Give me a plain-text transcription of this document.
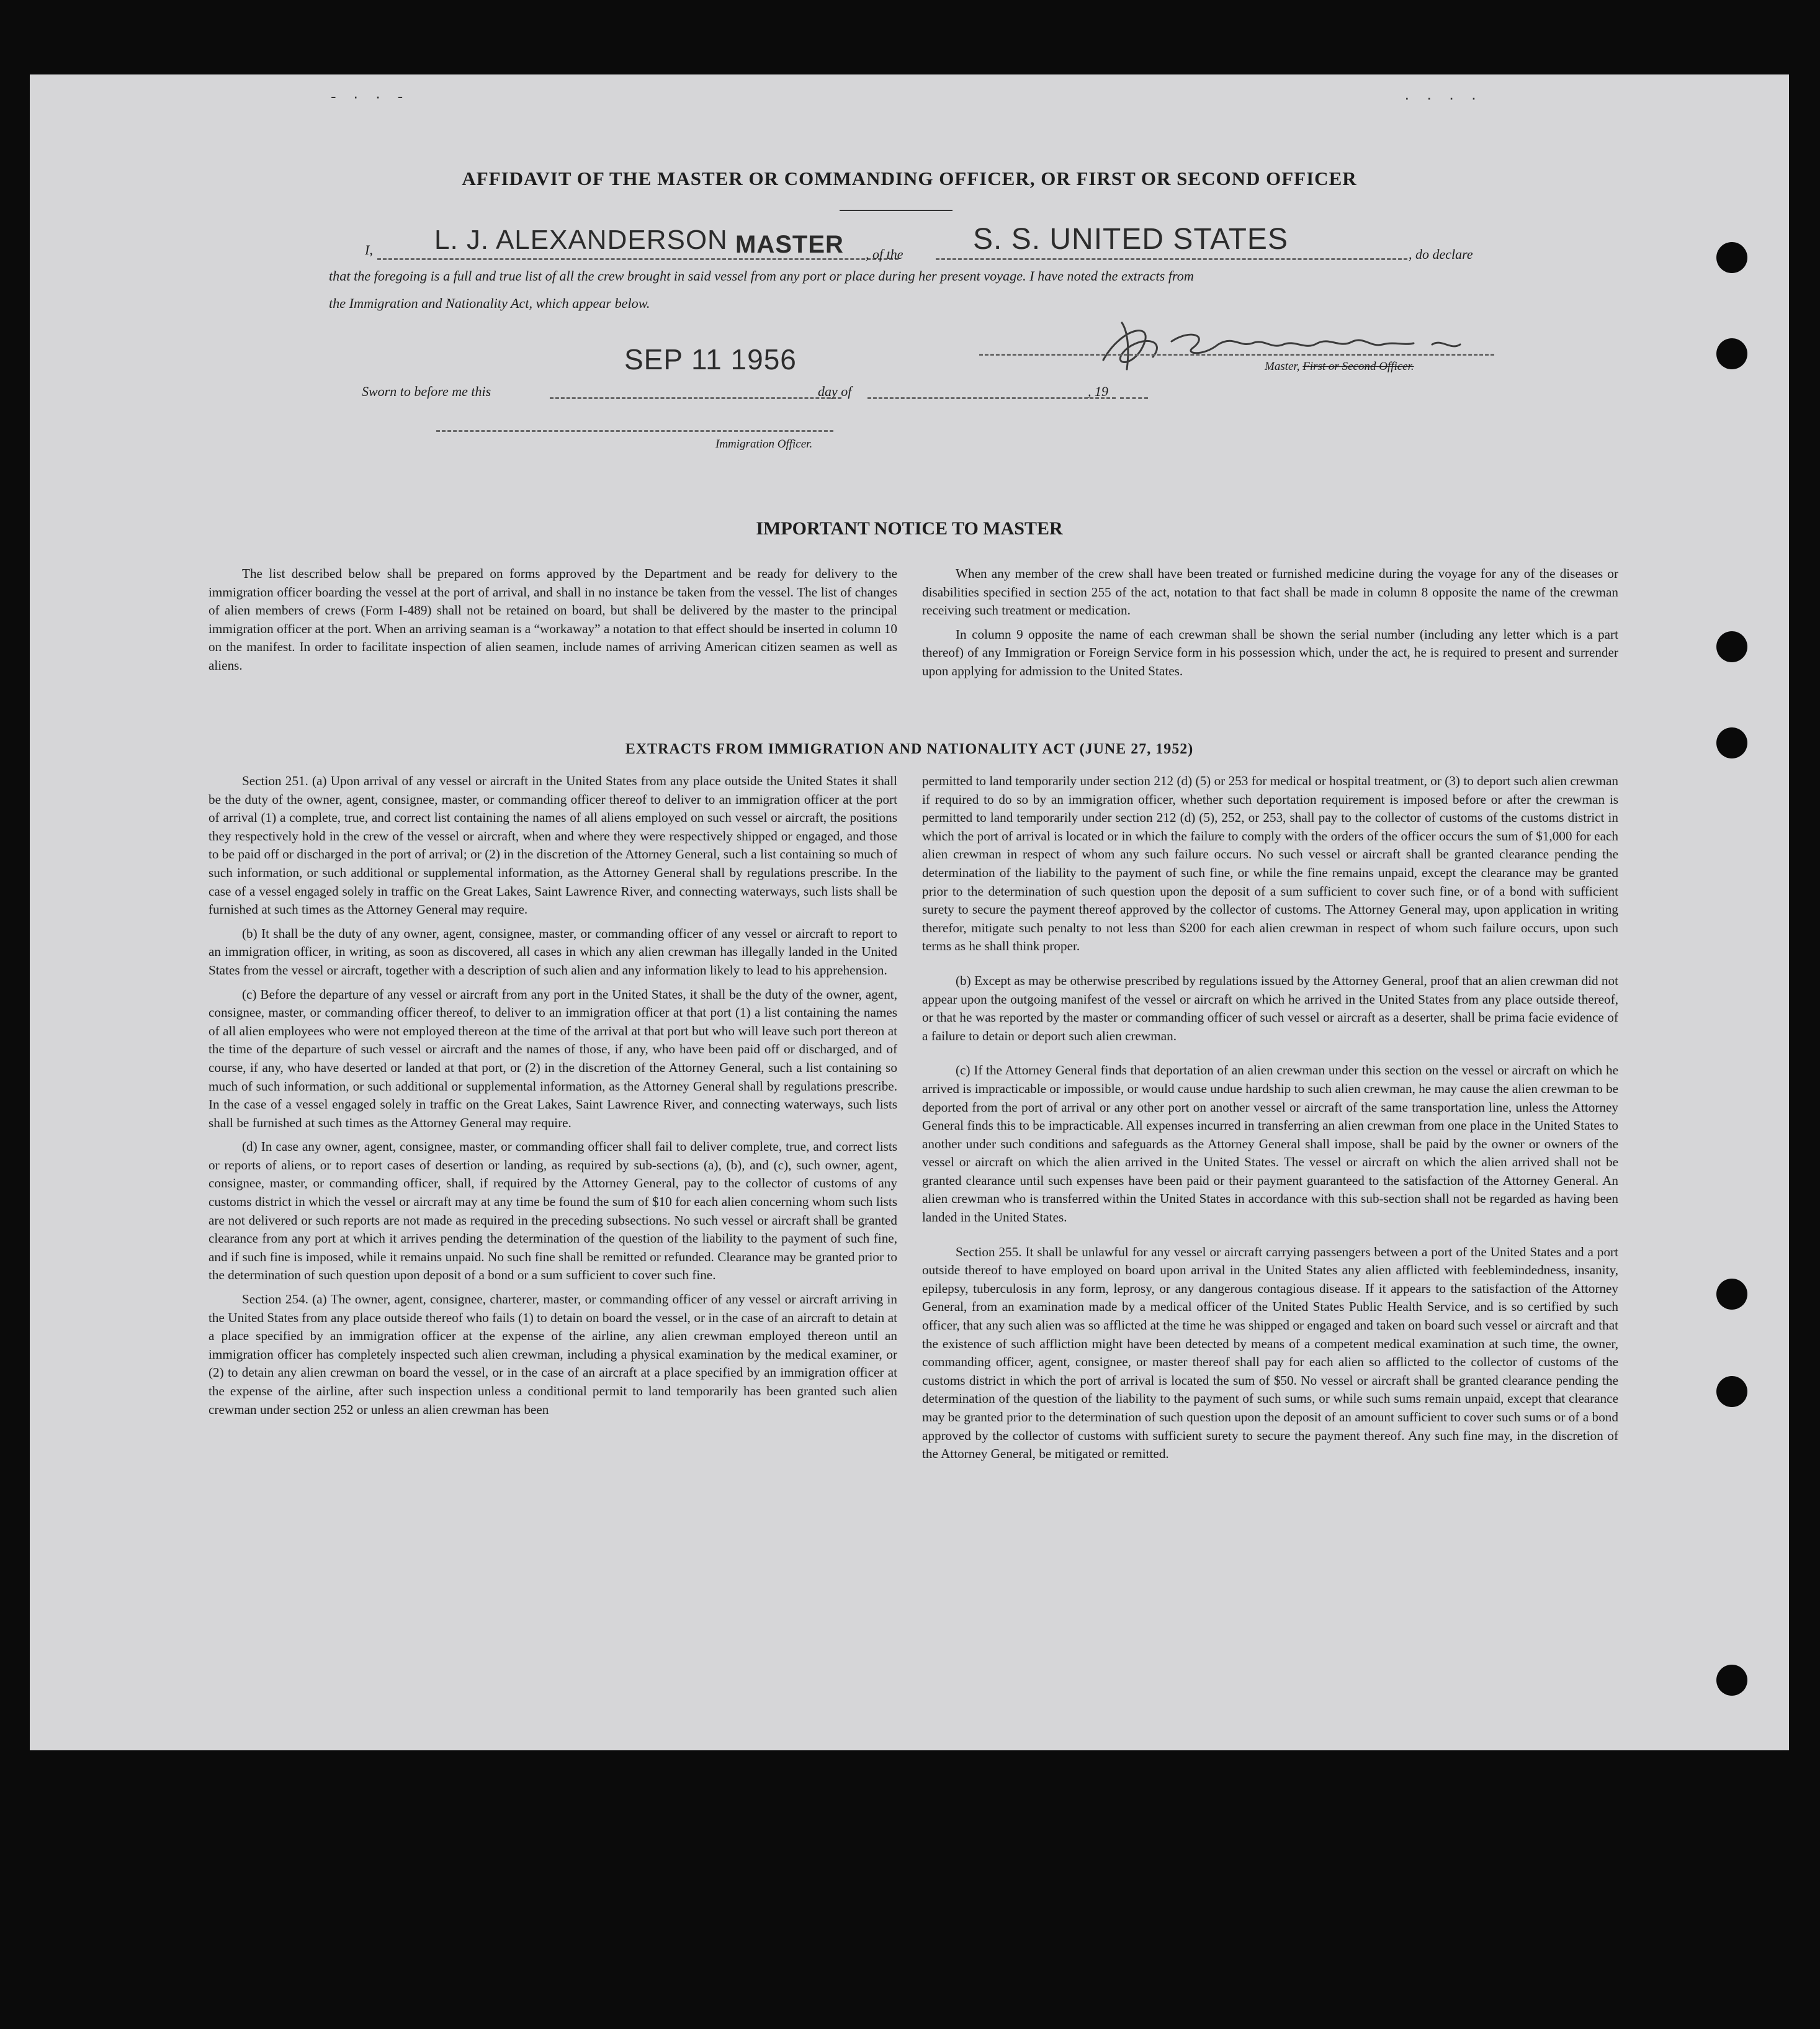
- · · -	· · · ·
AFFIDAVIT OF THE MASTER OR COMMANDING OFFICER, OR FIRST OR SECOND OFFICER
I, L. J. ALEXANDERSON MASTER , of the S. S. UNITED STATES	, do declare
that the foregoing is a full and true list of all the crew brought in said vessel from any port or place during her present voyage. I have noted the extracts from
the Immigration and Nationality Act, which appear below.
SEP 11 1956	Master, First or Second Officer.
Sworn to before me this	day of	, 19
Immigration Officer.
IMPORTANT NOTICE TO MASTER

The list described below shall be prepared on forms approved by the Department and be ready for delivery to the immigration officer boarding the vessel at the port of arrival, and shall in no instance be taken from the vessel. The list of changes of alien members of crews (Form I-489) shall not be retained on board, but shall be delivered by the master to the principal immigration officer at the port. When an arriving seaman is a “workaway” a notation to that effect should be inserted in column 10 on the manifest. In order to facilitate inspection of alien seamen, include names of arriving American citizen seamen as well as aliens.

When any member of the crew shall have been treated or furnished medicine during the voyage for any of the diseases or disabilities specified in section 255 of the act, notation to that fact shall be made in column 8 opposite the name of the crewman receiving such treatment or medication.

In column 9 opposite the name of each crewman shall be shown the serial number (including any letter which is a part thereof) of any Immigration or Foreign Service form in his possession which, under the act, he is required to present and surrender upon applying for admission to the United States.

EXTRACTS FROM IMMIGRATION AND NATIONALITY ACT (JUNE 27, 1952)

Section 251. (a) Upon arrival of any vessel or aircraft in the United States from any place outside the United States it shall be the duty of the owner, agent, consignee, master, or commanding officer thereof to deliver to an immigration officer at the port of arrival (1) a complete, true, and correct list containing the names of all aliens employed on such vessel or aircraft, the positions they respectively hold in the crew of the vessel or aircraft, when and where they were respectively shipped or engaged, and those to be paid off or discharged in the port of arrival; or (2) in the discretion of the Attorney General, such a list containing so much of such information, or such additional or supplemental information, as the Attorney General shall by regulations prescribe. In the case of a vessel engaged solely in traffic on the Great Lakes, Saint Lawrence River, and connecting waterways, such lists shall be furnished at such times as the Attorney General may require.

(b) It shall be the duty of any owner, agent, consignee, master, or commanding officer of any vessel or aircraft to report to an immigration officer, in writing, as soon as discovered, all cases in which any alien crewman has illegally landed in the United States from the vessel or aircraft, together with a description of such alien and any information likely to lead to his apprehension.

(c) Before the departure of any vessel or aircraft from any port in the United States, it shall be the duty of the owner, agent, consignee, master, or commanding officer thereof, to deliver to an immigration officer at that port (1) a list containing the names of all alien employees who were not employed thereon at the time of the arrival at that port but who will leave such port thereon at the time of the departure of such vessel or aircraft and the names of those, if any, who have been paid off or discharged, and of course, if any, who have deserted or landed at that port, or (2) in the discretion of the Attorney General, such a list containing so much of such information, or such additional or supplemental information, as the Attorney General shall by regulations prescribe. In the case of a vessel engaged solely in traffic on the Great Lakes, Saint Lawrence River, and connecting waterways, such lists shall be furnished at such times as the Attorney General may require.

(d) In case any owner, agent, consignee, master, or commanding officer shall fail to deliver complete, true, and correct lists or reports of aliens, or to report cases of desertion or landing, as required by sub-sections (a), (b), and (c), such owner, agent, consignee, master, or commanding officer, shall, if required by the Attorney General, pay to the collector of customs of any customs district in which the vessel or aircraft may at any time be found the sum of $10 for each alien concerning whom such lists are not delivered or such reports are not made as required in the preceding subsections. No such vessel or aircraft shall be granted clearance from any port at which it arrives pending the determination of the question of the liability to the payment of such fine, and if such fine is imposed, while it remains unpaid. No such fine shall be remitted or refunded. Clearance may be granted prior to the determination of such question upon deposit of a bond or a sum sufficient to cover such fine.

Section 254. (a) The owner, agent, consignee, charterer, master, or commanding officer of any vessel or aircraft arriving in the United States from any place outside thereof who fails (1) to detain on board the vessel, or in the case of an aircraft to detain at a place specified by an immigration officer at the expense of the airline, any alien crewman employed thereon until an immigration officer has completely inspected such alien crewman, including a physical examination by the medical examiner, or (2) to detain any alien crewman on board the vessel, or in the case of an aircraft at a place specified by an immigration officer at the expense of the airline, after such inspection unless a conditional permit to land temporarily has been granted such alien crewman under section 252 or unless an alien crewman has been

permitted to land temporarily under section 212 (d) (5) or 253 for medical or hospital treatment, or (3) to deport such alien crewman if required to do so by an immigration officer, whether such deportation requirement is imposed before or after the crewman is permitted to land temporarily under section 212 (d) (5), 252, or 253, shall pay to the collector of customs of the customs district in which the port of arrival is located or in which the failure to comply with the orders of the officer occurs the sum of $1,000 for each alien crewman in respect of whom any such failure occurs. No such vessel or aircraft shall be granted clearance pending the determination of the liability to the payment of such fine, or while the fine remains unpaid, except the clearance may be granted prior to the determination of such question upon the deposit of a sum sufficient to cover such fine, or of a bond with sufficient surety to secure the payment thereof approved by the collector of customs. The Attorney General may, upon application in writing therefor, mitigate such penalty to not less than $200 for each alien crewman in respect of whom such failure occurs, upon such terms as he shall think proper.

(b) Except as may be otherwise prescribed by regulations issued by the Attorney General, proof that an alien crewman did not appear upon the outgoing manifest of the vessel or aircraft on which he arrived in the United States from any place outside thereof, or that he was reported by the master or commanding officer of such vessel or aircraft as a deserter, shall be prima facie evidence of a failure to detain or deport such alien crewman.

(c) If the Attorney General finds that deportation of an alien crewman under this section on the vessel or aircraft on which he arrived is impracticable or impossible, or would cause undue hardship to such alien crewman, he may cause the alien crewman to be deported from the port of arrival or any other port on another vessel or aircraft of the same transportation line, unless the Attorney General finds this to be impracticable. All expenses incurred in transferring an alien crewman from one place in the United States to another under such conditions and safeguards as the Attorney General shall impose, shall be paid by the owner or owners of the vessel or aircraft on which the alien arrived in the United States. The vessel or aircraft on which the alien arrived shall not be granted clearance until such expenses have been paid or their payment guaranteed to the satisfaction of the Attorney General. An alien crewman who is transferred within the United States in accordance with this sub-section shall not be regarded as having been landed in the United States.

Section 255. It shall be unlawful for any vessel or aircraft carrying passengers between a port of the United States and a port outside thereof to have employed on board upon arrival in the United States any alien afflicted with feeblemindedness, insanity, epilepsy, tuberculosis in any form, leprosy, or any dangerous contagious disease. If it appears to the satisfaction of the Attorney General, from an examination made by a medical officer of the United States Public Health Service, and is so certified by such officer, that any such alien was so afflicted at the time he was shipped or engaged and taken on board such vessel or aircraft and that the existence of such affliction might have been detected by means of a competent medical examination at such time, the owner, commanding officer, agent, consignee, or master thereof shall pay for each alien so afflicted to the collector of customs of the customs district in which the port of arrival is located the sum of $50. No vessel or aircraft shall be granted clearance pending the determination of the question of the liability to the payment of such sums, or while such sums remain unpaid, except that clearance may be granted prior to the determination of such question upon the deposit of an amount sufficient to cover such sums or of a bond approved by the collector of customs with sufficient surety to secure the payment thereof. Any such fine may, in the discretion of the Attorney General, be mitigated or remitted.
